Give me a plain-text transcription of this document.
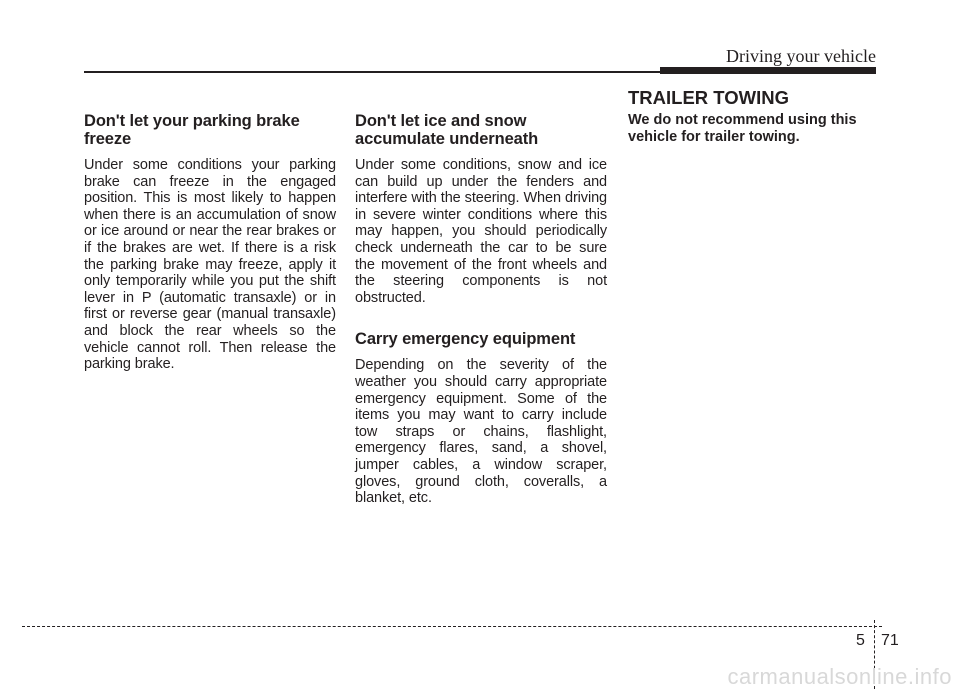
Driving your vehicle
Don't let your parking brake freeze

Under some conditions your parking brake can freeze in the engaged position. This is most likely to happen when there is an accumulation of snow or ice around or near the rear brakes or if the brakes are wet. If there is a risk the parking brake may freeze, apply it only temporarily while you put the shift lever in P (automatic transaxle) or in first or reverse gear (manual transaxle) and block the rear wheels so the vehicle cannot roll. Then release the parking brake.

Don't let ice and snow accumulate underneath

Under some conditions, snow and ice can build up under the fenders and interfere with the steering. When driving in severe winter conditions where this may happen, you should periodically check underneath the car to be sure the movement of the front wheels and the steering components is not obstructed.

Carry emergency equipment

Depending on the severity of the weather you should carry appropriate emergency equipment. Some of the items you may want to carry include tow straps or chains, flashlight, emergency flares, sand, a shovel, jumper cables, a window scraper, gloves, ground cloth, coveralls, a blanket, etc.

TRAILER TOWING
We do not recommend using this vehicle for trailer towing.
5 71
carmanualsonline.info
